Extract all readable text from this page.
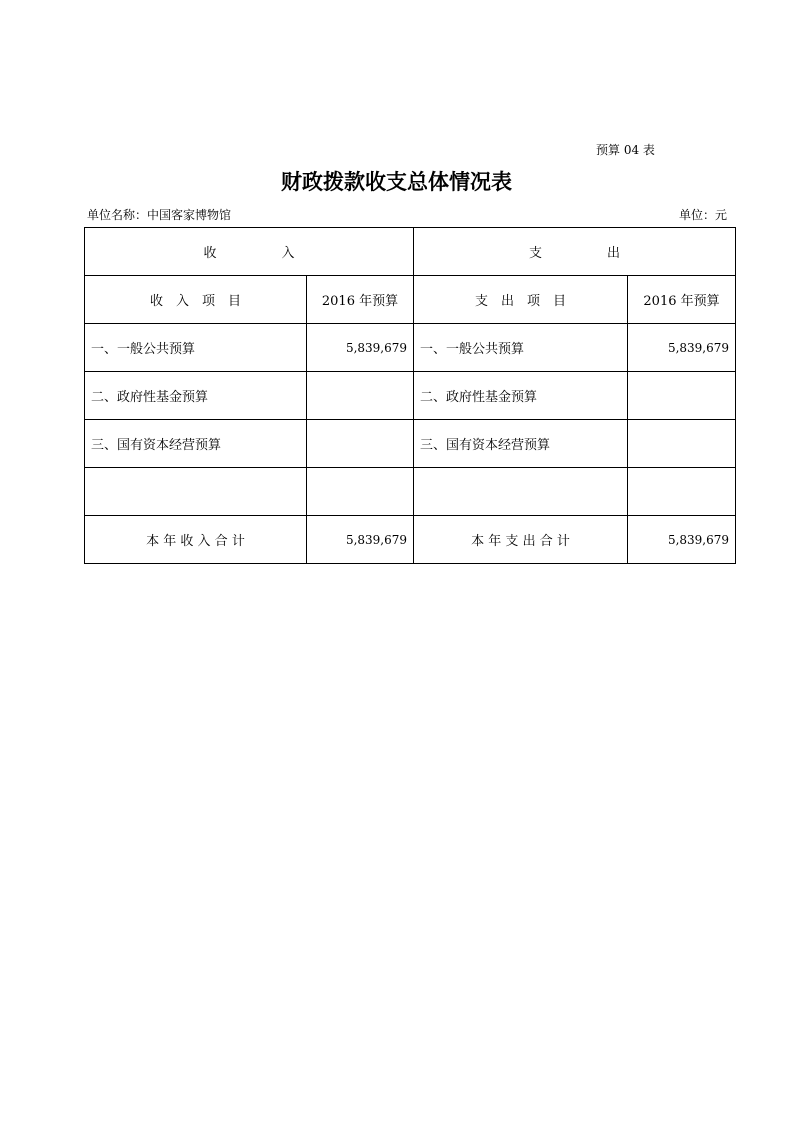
预算 04 表
财政拨款收支总体情况表
单位名称：中国客家博物馆	单位：元
收　　　　　入		支　　　　　出	
收　入　项　目	2016 年预算	支　出　项　目	2016 年预算
一、一般公共预算	5,839,679	一、一般公共预算	5,839,679
二、政府性基金预算		二、政府性基金预算	
三、国有资本经营预算		三、国有资本经营预算	

本 年 收 入 合 计	5,839,679	本 年 支 出 合 计	5,839,679
